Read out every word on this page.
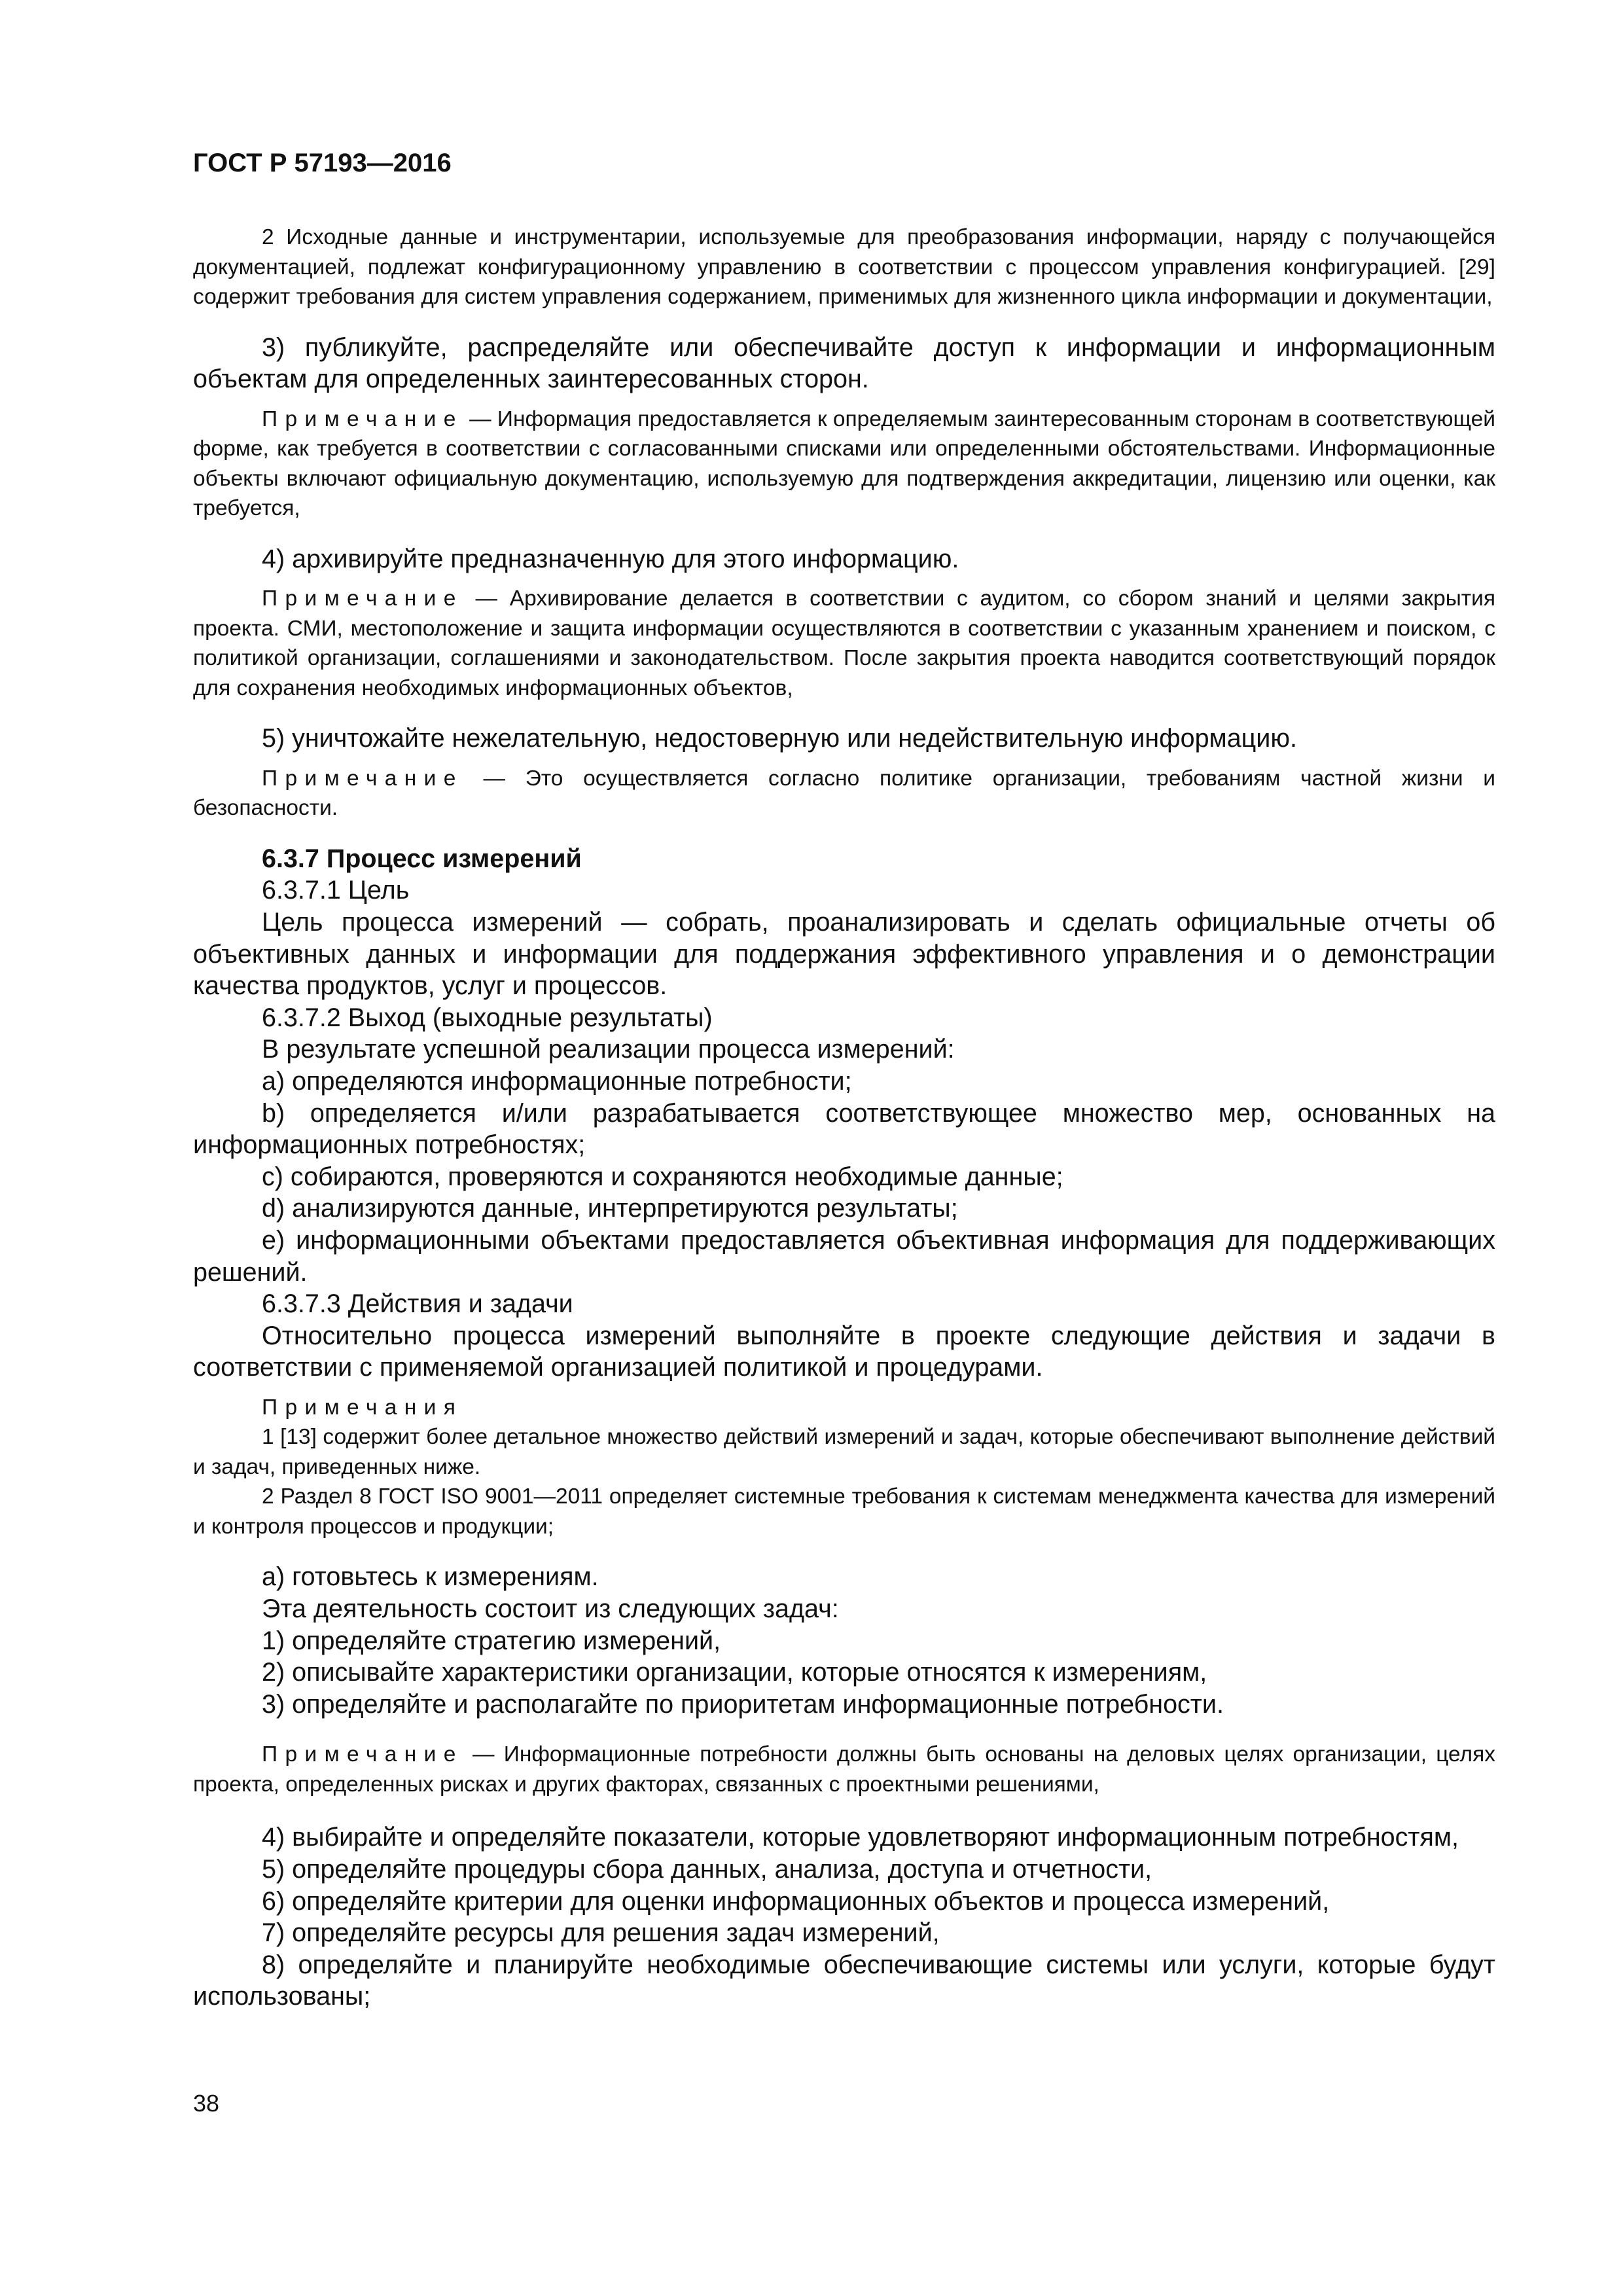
ГОСТ Р 57193—2016

2 Исходные данные и инструментарии, используемые для преобразования информации, наряду с получающейся документацией, подлежат конфигурационному управлению в соответствии с процессом управления конфигурацией. [29] содержит требования для систем управления содержанием, применимых для жизненного цикла информации и документации,

3) публикуйте, распределяйте или обеспечивайте доступ к информации и информационным объектам для определенных заинтересованных сторон.

Примечание — Информация предоставляется к определяемым заинтересованным сторонам в соответствующей форме, как требуется в соответствии с согласованными списками или определенными обстоятельствами. Информационные объекты включают официальную документацию, используемую для подтверждения аккредитации, лицензию или оценки, как требуется,

4) архивируйте предназначенную для этого информацию.

Примечание — Архивирование делается в соответствии с аудитом, со сбором знаний и целями закрытия проекта. СМИ, местоположение и защита информации осуществляются в соответствии с указанным хранением и поиском, с политикой организации, соглашениями и законодательством. После закрытия проекта наводится соответствующий порядок для сохранения необходимых информационных объектов,

5) уничтожайте нежелательную, недостоверную или недействительную информацию.

Примечание — Это осуществляется согласно политике организации, требованиям частной жизни и безопасности.

6.3.7 Процесс измерений

6.3.7.1 Цель

Цель процесса измерений — собрать, проанализировать и сделать официальные отчеты об объективных данных и информации для поддержания эффективного управления и о демонстрации качества продуктов, услуг и процессов.

6.3.7.2 Выход (выходные результаты)

В результате успешной реализации процесса измерений:

a) определяются информационные потребности;

b) определяется и/или разрабатывается соответствующее множество мер, основанных на информационных потребностях;

c) собираются, проверяются и сохраняются необходимые данные;

d) анализируются данные, интерпретируются результаты;

e) информационными объектами предоставляется объективная информация для поддерживающих решений.

6.3.7.3 Действия и задачи

Относительно процесса измерений выполняйте в проекте следующие действия и задачи в соответствии с применяемой организацией политикой и процедурами.

Примечания

1 [13] содержит более детальное множество действий измерений и задач, которые обеспечивают выполнение действий и задач, приведенных ниже.

2 Раздел 8 ГОСТ ISO 9001—2011 определяет системные требования к системам менеджмента качества для измерений и контроля процессов и продукции;

a) готовьтесь к измерениям.

Эта деятельность состоит из следующих задач:

1) определяйте стратегию измерений,

2) описывайте характеристики организации, которые относятся к измерениям,

3) определяйте и располагайте по приоритетам информационные потребности.

Примечание — Информационные потребности должны быть основаны на деловых целях организации, целях проекта, определенных рисках и других факторах, связанных с проектными решениями,

4) выбирайте и определяйте показатели, которые удовлетворяют информационным потребностям,

5) определяйте процедуры сбора данных, анализа, доступа и отчетности,

6) определяйте критерии для оценки информационных объектов и процесса измерений,

7) определяйте ресурсы для решения задач измерений,

8) определяйте и планируйте необходимые обеспечивающие системы или услуги, которые будут использованы;

38
